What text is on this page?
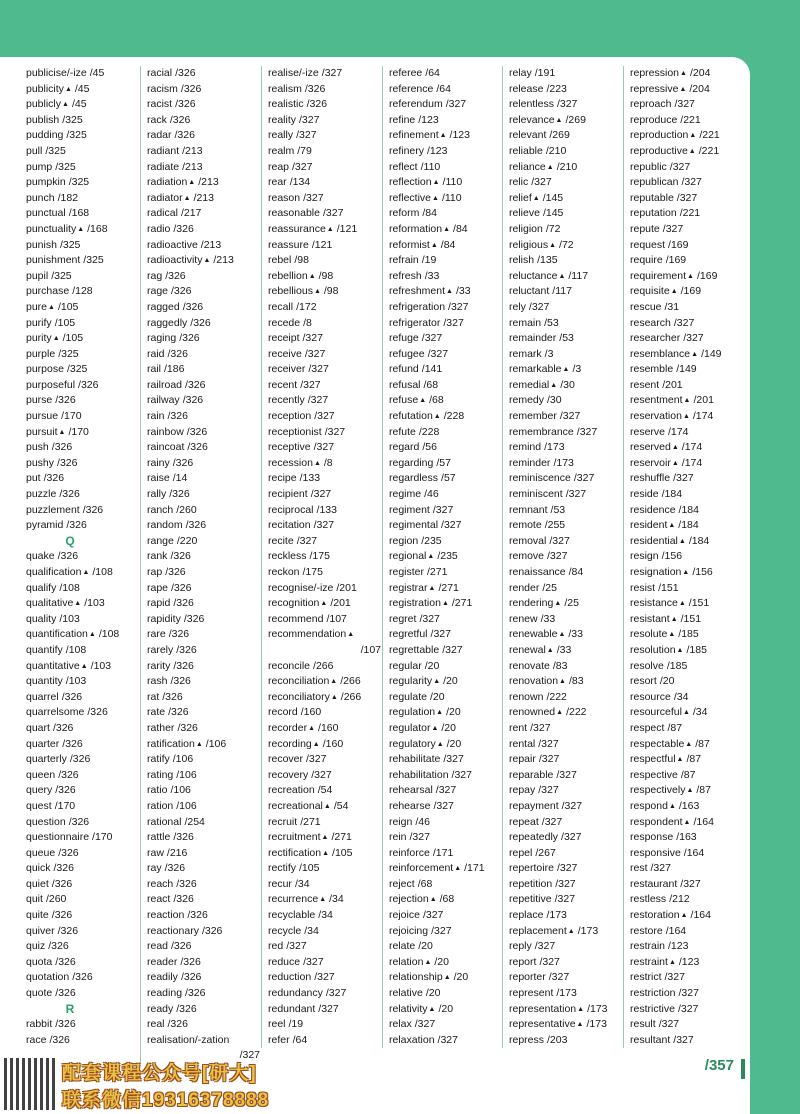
publicise/-ize /45
publicity▲ /45
publicly▲ /45
publish /325
pudding /325
pull /325
pump /325
pumpkin /325
punch /182
punctual /168
punctuality▲ /168
punish /325
punishment /325
pupil /325
purchase /128
pure▲ /105
purify /105
purity▲ /105
purple /325
purpose /325
purposeful /326
purse /326
pursue /170
pursuit▲ /170
push /326
pushy /326
put /326
puzzle /326
puzzlement /326
pyramid /326
Q
quake /326
qualification▲ /108
qualify /108
qualitative▲ /103
quality /103
quantification▲ /108
quantify /108
quantitative▲ /103
quantity /103
quarrel /326
quarrelsome /326
quart /326
quarter /326
quarterly /326
queen /326
query /326
quest /170
question /326
questionnaire /170
queue /326
quick /326
quiet /326
quit /260
quite /326
quiver /326
quiz /326
quota /326
quotation /326
quote /326
R
rabbit /326
race /326
racial /326
racism /326
racist /326
rack /326
radar /326
radiant /213
radiate /213
radiation▲ /213
radiator▲ /213
radical /217
radio /326
radioactive /213
radioactivity▲ /213
rag /326
rage /326
ragged /326
raggedly /326
raging /326
raid /326
rail /186
railroad /326
railway /326
rain /326
rainbow /326
raincoat /326
rainy /326
raise /14
rally /326
ranch /260
random /326
range /220
rank /326
rap /326
rape /326
rapid /326
rapidity /326
rare /326
rarely /326
rarity /326
rash /326
rat /326
rate /326
rather /326
ratification▲ /106
ratify /106
rating /106
ratio /106
ration /106
rational /254
rattle /326
raw /216
ray /326
reach /326
react /326
reaction /326
reactionary /326
read /326
reader /326
readily /326
reading /326
ready /326
real /326
realisation/-zation
/327
realise/-ize /327
realism /326
realistic /326
reality /327
really /327
realm /79
reap /327
rear /134
reason /327
reasonable /327
reassurance▲ /121
reassure /121
rebel /98
rebellion▲ /98
rebellious▲ /98
recall /172
recede /8
receipt /327
receive /327
receiver /327
recent /327
recently /327
reception /327
receptionist /327
receptive /327
recession▲ /8
recipe /133
recipient /327
reciprocal /133
recitation /327
recite /327
reckless /175
reckon /175
recognise/-ize /201
recognition▲ /201
recommend /107
recommendation▲
/107
reconcile /266
reconciliation▲ /266
reconciliatory▲ /266
record /160
recorder▲ /160
recording▲ /160
recover /327
recovery /327
recreation /54
recreational▲ /54
recruit /271
recruitment▲ /271
rectification▲ /105
rectify /105
recur /34
recurrence▲ /34
recyclable /34
recycle /34
red /327
reduce /327
reduction /327
redundancy /327
redundant /327
reel /19
refer /64
referee /64
reference /64
referendum /327
refine /123
refinement▲ /123
refinery /123
reflect /110
reflection▲ /110
reflective▲ /110
reform /84
reformation▲ /84
reformist▲ /84
refrain /19
refresh /33
refreshment▲ /33
refrigeration /327
refrigerator /327
refuge /327
refugee /327
refund /141
refusal /68
refuse▲ /68
refutation▲ /228
refute /228
regard /56
regarding /57
regardless /57
regime /46
regiment /327
regimental /327
region /235
regional▲ /235
register /271
registrar▲ /271
registration▲ /271
regret /327
regretful /327
regrettable /327
regular /20
regularity▲ /20
regulate /20
regulation▲ /20
regulator▲ /20
regulatory▲ /20
rehabilitate /327
rehabilitation /327
rehearsal /327
rehearse /327
reign /46
rein /327
reinforce /171
reinforcement▲ /171
reject /68
rejection▲ /68
rejoice /327
rejoicing /327
relate /20
relation▲ /20
relationship▲ /20
relative /20
relativity▲ /20
relax /327
relaxation /327
relay /191
release /223
relentless /327
relevance▲ /269
relevant /269
reliable /210
reliance▲ /210
relic /327
relief▲ /145
relieve /145
religion /72
religious▲ /72
relish /135
reluctance▲ /117
reluctant /117
rely /327
remain /53
remainder /53
remark /3
remarkable▲ /3
remedial▲ /30
remedy /30
remember /327
remembrance /327
remind /173
reminder /173
reminiscence /327
reminiscent /327
remnant /53
remote /255
removal /327
remove /327
renaissance /84
render /25
rendering▲ /25
renew /33
renewable▲ /33
renewal▲ /33
renovate /83
renovation▲ /83
renown /222
renowned▲ /222
rent /327
rental /327
repair /327
reparable /327
repay /327
repayment /327
repeat /327
repeatedly /327
repel /267
repertoire /327
repetition /327
repetitive /327
replace /173
replacement▲ /173
reply /327
report /327
reporter /327
represent /173
representation▲ /173
representative▲ /173
repress /203
repression▲ /204
repressive▲ /204
reproach /327
reproduce /221
reproduction▲ /221
reproductive▲ /221
republic /327
republican /327
reputable /327
reputation /221
repute /327
request /169
require /169
requirement▲ /169
requisite▲ /169
rescue /31
research /327
researcher /327
resemblance▲ /149
resemble /149
resent /201
resentment▲ /201
reservation▲ /174
reserve /174
reserved▲ /174
reservoir▲ /174
reshuffle /327
reside /184
residence /184
resident▲ /184
residential▲ /184
resign /156
resignation▲ /156
resist /151
resistance▲ /151
resistant▲ /151
resolute▲ /185
resolution▲ /185
resolve /185
resort /20
resource /34
resourceful▲ /34
respect /87
respectable▲ /87
respectful▲ /87
respective /87
respectively▲ /87
respond▲ /163
respondent▲ /164
response /163
responsive /164
rest /327
restaurant /327
restless /212
restoration▲ /164
restore /164
restrain /123
restraint▲ /123
restrict /327
restriction /327
restrictive /327
result /327
resultant /327
/357
配套课程公众号[研大]
联系微信19316378888
